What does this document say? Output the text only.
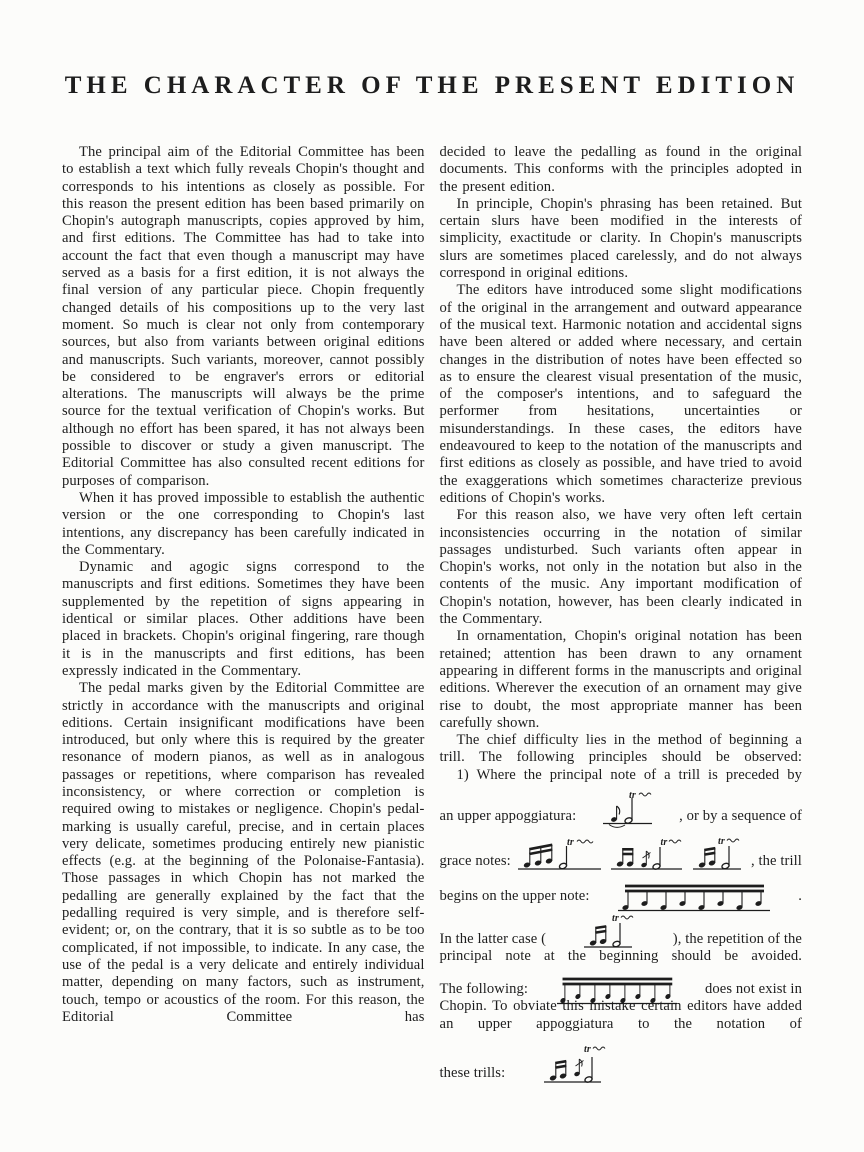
THE CHARACTER OF THE PRESENT EDITION

The principal aim of the Editorial Committee has been to establish a text which fully reveals Chopin's thought and corresponds to his intentions as closely as possible. For this reason the present edition has been based primarily on Chopin's autograph manuscripts, copies approved by him, and first editions. The Committee has had to take into account the fact that even though a manuscript may have served as a basis for a first edition, it is not always the final version of any particular piece. Chopin frequently changed details of his compositions up to the very last moment. So much is clear not only from contemporary sources, but also from variants between original editions and manuscripts. Such variants, moreover, cannot possibly be considered to be engraver's errors or editorial alterations. The manuscripts will always be the prime source for the textual verification of Chopin's works. But although no effort has been spared, it has not always been possible to discover or study a given manuscript. The Editorial Committee has also consulted recent editions for purposes of comparison.

When it has proved impossible to establish the authentic version or the one corresponding to Chopin's last intentions, any discrepancy has been carefully indicated in the Commentary.

Dynamic and agogic signs correspond to the manuscripts and first editions. Sometimes they have been supplemented by the repetition of signs appearing in identical or similar places. Other additions have been placed in brackets. Chopin's original fingering, rare though it is in the manuscripts and first editions, has been expressly indicated in the Commentary.

The pedal marks given by the Editorial Committee are strictly in accordance with the manuscripts and original editions. Certain insignificant modifications have been introduced, but only where this is required by the greater resonance of modern pianos, as well as in analogous passages or repetitions, where comparison has revealed inconsistency, or where correction or completion is required owing to mistakes or negligence. Chopin's pedal-marking is usually careful, precise, and in certain places very delicate, sometimes producing entirely new pianistic effects (e.g. at the beginning of the Polonaise-Fantasia). Those passages in which Chopin has not marked the pedalling are generally explained by the fact that the pedalling required is very simple, and is therefore self-evident; or, on the contrary, that it is so subtle as to be too complicated, if not impossible, to indicate. In any case, the use of the pedal is a very delicate and entirely individual matter, depending on many factors, such as instrument, touch, tempo or acoustics of the room. For this reason, the Editorial Committee has

decided to leave the pedalling as found in the original documents. This conforms with the principles adopted in the present edition.

In principle, Chopin's phrasing has been retained. But certain slurs have been modified in the interests of simplicity, exactitude or clarity. In Chopin's manuscripts slurs are sometimes placed carelessly, and do not always correspond in original editions.

The editors have introduced some slight modifications of the original in the arrangement and outward appearance of the musical text. Harmonic notation and accidental signs have been altered or added where necessary, and certain changes in the distribution of notes have been effected so as to ensure the clearest visual presentation of the music, of the composer's intentions, and to safeguard the performer from hesitations, uncertainties or misunderstandings. In these cases, the editors have endeavoured to keep to the notation of the manuscripts and first editions as closely as possible, and have tried to avoid the exaggerations which sometimes characterize previous editions of Chopin's works.

For this reason also, we have very often left certain inconsistencies occurring in the notation of similar passages undisturbed. Such variants often appear in Chopin's works, not only in the notation but also in the contents of the music. Any important modification of Chopin's notation, however, has been clearly indicated in the Commentary.

In ornamentation, Chopin's original notation has been retained; attention has been drawn to any ornament appearing in different forms in the manuscripts and original editions. Wherever the execution of an ornament may give rise to doubt, the most appropriate manner has been carefully shown.

The chief difficulty lies in the method of beginning a trill. The following principles should be observed:

1) Where the principal note of a trill is preceded by

an upper appoggiatura:
tr
, or by a sequence of
grace notes:
tr	tr	tr
, the trill
begins on the upper note:	.
In the latter case (
tr
), the repetition of the

principal note at the beginning should be avoided.

The following:	does not exist in

Chopin. To obviate this mistake certain editors have added an upper appoggiatura to the notation of

these trills:
tr
